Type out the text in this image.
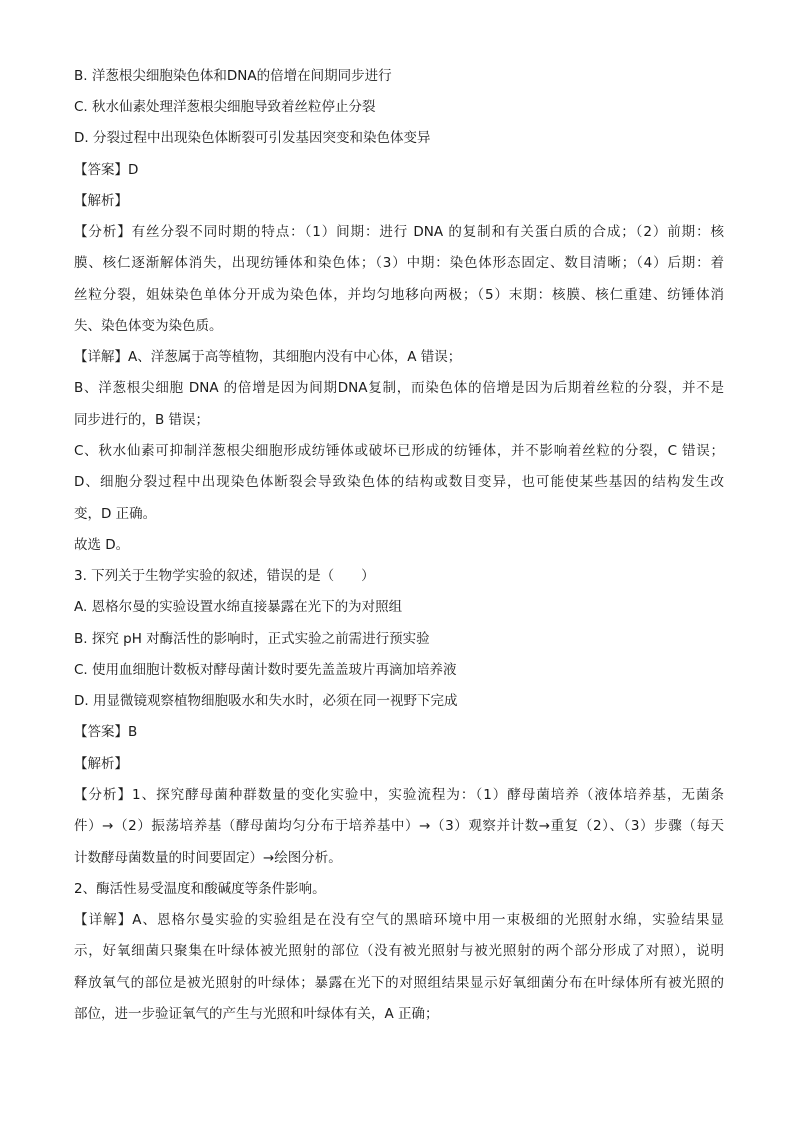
B. 洋葱根尖细胞染色体和DNA的倍增在间期同步进行
C. 秋水仙素处理洋葱根尖细胞导致着丝粒停止分裂
D. 分裂过程中出现染色体断裂可引发基因突变和染色体变异
【答案】D
【解析】
【分析】有丝分裂不同时期的特点：（1）间期：进行 DNA 的复制和有关蛋白质的合成；（2）前期：核
膜、核仁逐渐解体消失，出现纺锤体和染色体；（3）中期：染色体形态固定、数目清晰；（4）后期：着
丝粒分裂，姐妹染色单体分开成为染色体，并均匀地移向两极；（5）末期：核膜、核仁重建、纺锤体消
失、染色体变为染色质。
【详解】A、洋葱属于高等植物，其细胞内没有中心体，A 错误；
B、洋葱根尖细胞 DNA 的倍增是因为间期DNA复制，而染色体的倍增是因为后期着丝粒的分裂，并不是
同步进行的，B 错误；
C、秋水仙素可抑制洋葱根尖细胞形成纺锤体或破坏已形成的纺锤体，并不影响着丝粒的分裂，C 错误；
D、细胞分裂过程中出现染色体断裂会导致染色体的结构或数目变异，也可能使某些基因的结构发生改
变，D 正确。
故选 D。
3. 下列关于生物学实验的叙述，错误的是（　　）
A. 恩格尔曼的实验设置水绵直接暴露在光下的为对照组
B. 探究 pH 对酶活性的影响时，正式实验之前需进行预实验
C. 使用血细胞计数板对酵母菌计数时要先盖盖玻片再滴加培养液
D. 用显微镜观察植物细胞吸水和失水时，必须在同一视野下完成
【答案】B
【解析】
【分析】1、探究酵母菌种群数量的变化实验中，实验流程为：（1）酵母菌培养（液体培养基，无菌条
件）→（2）振荡培养基（酵母菌均匀分布于培养基中）→（3）观察并计数→重复（2）、（3）步骤（每天
计数酵母菌数量的时间要固定）→绘图分析。
2、酶活性易受温度和酸碱度等条件影响。
【详解】A、恩格尔曼实验的实验组是在没有空气的黑暗环境中用一束极细的光照射水绵，实验结果显
示，好氧细菌只聚集在叶绿体被光照射的部位（没有被光照射与被光照射的两个部分形成了对照），说明
释放氧气的部位是被光照射的叶绿体；暴露在光下的对照组结果显示好氧细菌分布在叶绿体所有被光照的
部位，进一步验证氧气的产生与光照和叶绿体有关，A 正确；
